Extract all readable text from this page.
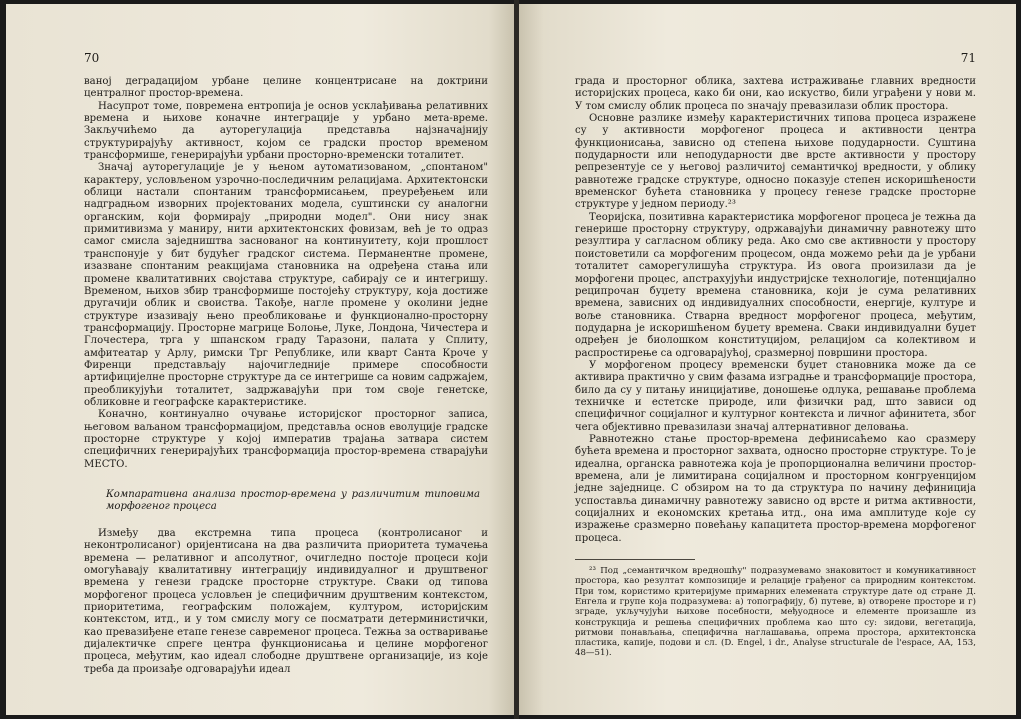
70

ваној деградацијом урбане целине концентрисане на доктрини централног простор-времена.

Насупрот томе, повремена ентропија је основ усклађивања релативних времена и њихове коначне интеграције у урбано мета-време. Закључићемо да ауторегулација представља најзначајнију структурирајућу активност, којом се градски простор временом трансформише, генерирајући урбани просторно-временски тоталитет.

Значај ауторегулације је у њеном аутоматизованом, „спонтаном" карактеру, условљеном узрочно-последичним релацијама. Архитектонски облици настали спонтаним трансформисањем, преуређењем или надградњом изворних пројектованих модела, суштински су аналогни органским, који формирају „природни модел". Они нису знак примитивизма у маниру, нити архитектонских фовизам, већ је то одраз самог смисла заједништва заснованог на континуитету, који прошлост транспонује у бит будућег градског система. Перманентне промене, изазване спонтаним реакцијама становника на одређена стања или промене квалитативних својстава структуре, сабирају се и интегришу. Временом, њихов збир трансформише постојећу структуру, која достиже другачији облик и своиства. Такође, нагле промене у околини једне структуре изазивају њено преобликовање и функционално-просторну трансформацију. Просторне магрице Болоње, Луке, Лондона, Чичестера и Глочестера, трга у шпанском граду Таразони, палата у Сплиту, амфитеатар у Арлу, римски Трг Републике, или кварт Санта Кроче у Фиренци представљају најочигледније примере способности артифицијелне просторне структуре да се интегрише са новим садржајем, преобликујући тоталитет, задржавајући при том своје генетске, обликовне и географске карактеристике.

Коначно, континуално очување историјског просторног записа, његовом ваљаном трансформацијом, представља основ еволуције градске просторне структуре у којој императив трајања затвара систем специфичних генерирајућих трансформација простор-времена стварајући МЕСТО.

Компаративна анализа простор-времена у различитим типовима морфогеног процеса

Између два екстремна типа процеса (контролисаног и неконтролисаног) оријентисана на два различита приоритета тумачења времена — релативног и апсолутног, очигледно постоје процеси који омогућавају квалитативну интеграцију индивидуалног и друштвеног времена у генези градске просторне структуре. Сваки од типова морфогеног процеса условљен је специфичним друштвеним контекстом, приоритетима, географским положајем, културом, историјским контекстом, итд., и у том смислу могу се посматрати детерминистички, као превазиђене етапе генезе савременог процеса. Тежња за остваривање дијалектичке спреге центра функционисања и целине морфогеног процеса, међутим, као идеал слободне друштвене организације, из које треба да произађе одговарајући идеал

71

града и просторног облика, захтева истраживање главних вредности историјских процеса, како би они, као искуство, били уграђени у нови м. У том смислу облик процеса по значају превазилази облик простора.

Основне разлике између карактеристичних типова процеса изражене су у активности морфогеног процеса и активности центра функционисања, зависно од степена њихове подударности. Суштина подударности или неподударности две врсте активности у простору репрезентује се у његовој различитој семантичкој вредности, у облику равнотеже градске структуре, односно показује степен искоришћености временског бућета становника у процесу генезе градске просторне структуре у једном периоду.²³

Теоријска, позитивна карактеристика морфогеног процеса је тежња да генерише просторну структуру, одржавајући динамичну равнотежу што резултира у сагласном облику реда. Ако смо све активности у простору поистоветили са морфогеним процесом, онда можемо рећи да је урбани тоталитет саморегулишућа структура. Из овога произилази да је морфогени процес, апстрахујући индустријске технологије, потенцијално реципрочан буџету времена становника, који је сума релативних времена, зависних од индивидуалних способности, енергије, културе и воље становника. Стварна вредност морфогеног процеса, међутим, подударна је искоришћеном буџету времена. Сваки индивидуални буџет одређен је биолошком конституцијом, релацијом са колективом и распростирење са одговарајућој, сразмерној површини простора.

У морфогеном процесу временски буџет становника може да се активира практично у свим фазама изградње и трансформације простора, било да су у питању иницијативе, доношење одлука, решавање проблема техничке и естетске природе, или физички рад, што зависи од специфичног социјалног и културног контекста и личног афинитета, због чега објективно превазилази значај алтернативног деловања.

Равнотежно стање простор-времена дефинисаћемо као сразмеру бућета времена и просторног захвата, односно просторне структуре. То је идеална, органска равнотежа која је пропорционална величини простор-времена, али је лимитирана социјалном и просторном конгруенцијом једне заједнице. С обзиром на то да структура по начину дефиниција успоставља динамичну равнотежу зависно од врсте и ритма активности, социјалних и економских кретања итд., она има амплитуде које су изражење сразмерно повећању капацитета простор-времена морфогеног процеса.

²³ Под „семантичком вредношћу" подразумевамо знаковитост и комуникативност простора, као резултат композиције и релације грађеног са природним контекстом. При том, користимо критеријуме примарних елемената структуре дате од стране Д. Енгела и групе која подразумева: а) топографију, б) путеве, в) отворене просторе и г) зграде, укључујући њихове посебности, међуодносе и елементе произашле из конструкција и решења специфичних проблема као што су: зидови, вегетација, ритмови понављања, специфична наглашавања, опрема простора, архитектонска пластика, капије, подови и сл. (D. Engel, i dr., Analyse structurale de l'espace, AA, 153, 48—51).
